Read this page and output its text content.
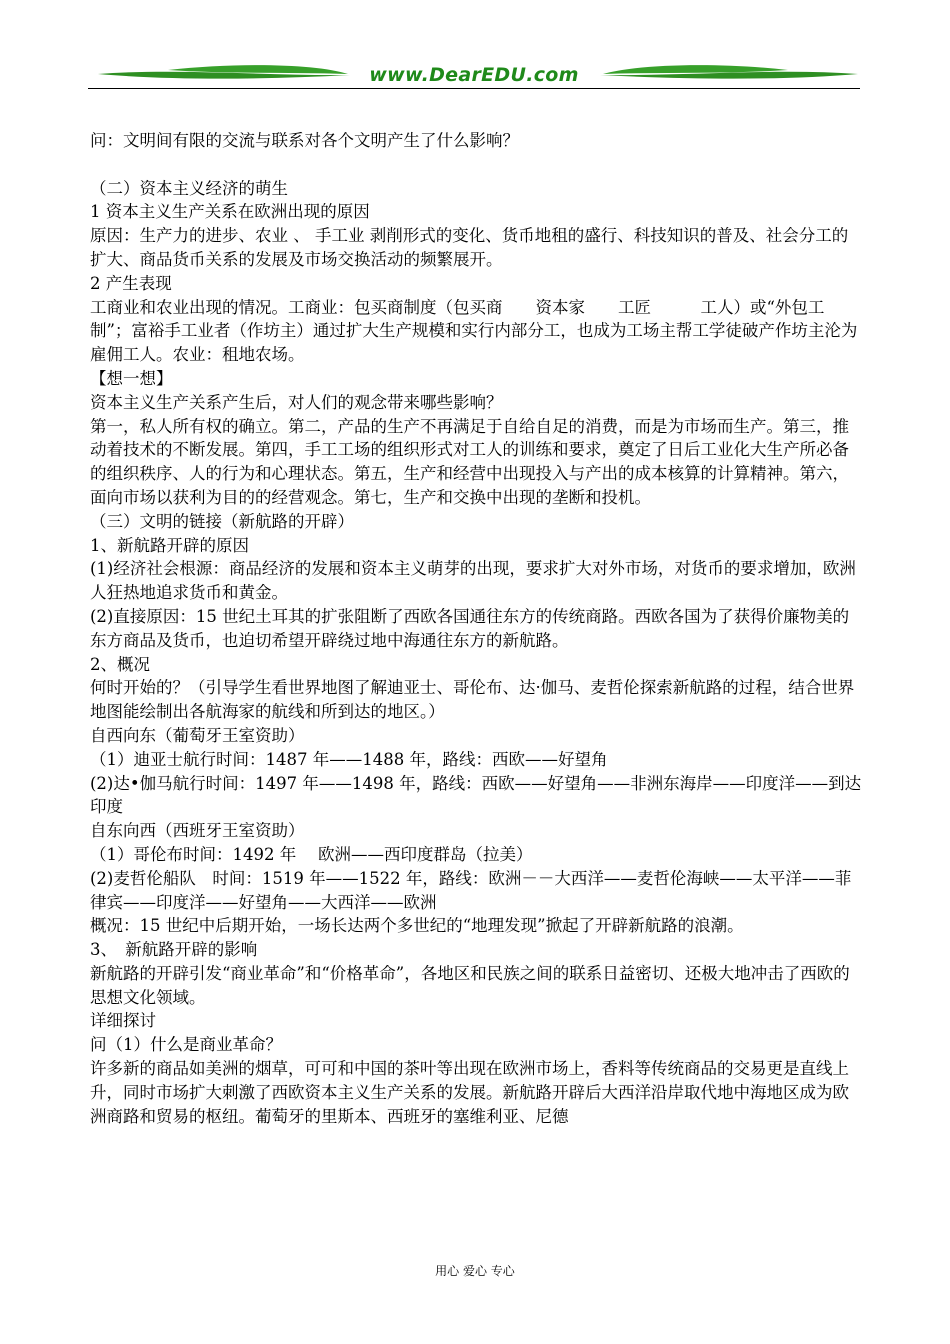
www.DearEDU.com

问：文明间有限的交流与联系对各个文明产生了什么影响？

（二）资本主义经济的萌生

1 资本主义生产关系在欧洲出现的原因

原因：生产力的进步、农业 、 手工业 剥削形式的变化、货币地租的盛行、科技知识的普及、社会分工的扩大、商品货币关系的发展及市场交换活动的频繁展开。

2 产生表现

工商业和农业出现的情况。工商业：包买商制度（包买商　　资本家　　工匠　　　工人）或“外包工制”；富裕手工业者（作坊主）通过扩大生产规模和实行内部分工，也成为工场主帮工学徒破产作坊主沦为雇佣工人。农业：租地农场。

【想一想】

资本主义生产关系产生后，对人们的观念带来哪些影响？

第一，私人所有权的确立。第二，产品的生产不再满足于自给自足的消费，而是为市场而生产。第三，推动着技术的不断发展。第四，手工工场的组织形式对工人的训练和要求，奠定了日后工业化大生产所必备的组织秩序、人的行为和心理状态。第五，生产和经营中出现投入与产出的成本核算的计算精神。第六，面向市场以获利为目的的经营观念。第七，生产和交换中出现的垄断和投机。

（三）文明的链接（新航路的开辟）

1、新航路开辟的原因

(1)经济社会根源：商品经济的发展和资本主义萌芽的出现，要求扩大对外市场，对货币的要求增加，欧洲人狂热地追求货币和黄金。

(2)直接原因：15 世纪土耳其的扩张阻断了西欧各国通往东方的传统商路。西欧各国为了获得价廉物美的东方商品及货币，也迫切希望开辟绕过地中海通往东方的新航路。

2、概况

何时开始的？（引导学生看世界地图了解迪亚士、哥伦布、达·伽马、麦哲伦探索新航路的过程，结合世界地图能绘制出各航海家的航线和所到达的地区。）

自西向东（葡萄牙王室资助）

（1）迪亚士航行时间：1487 年——1488 年，路线：西欧——好望角

(2)达•伽马航行时间：1497 年——1498 年，路线：西欧——好望角——非洲东海岸——印度洋——到达印度

自东向西（西班牙王室资助）

（1）哥伦布时间：1492 年　 欧洲——西印度群岛（拉美）

(2)麦哲伦船队　时间：1519 年——1522 年，路线：欧洲－－大西洋——麦哲伦海峡——太平洋——菲律宾——印度洋——好望角——大西洋——欧洲

概况：15 世纪中后期开始，一场长达两个多世纪的“地理发现”掀起了开辟新航路的浪潮。

3、　新航路开辟的影响

新航路的开辟引发“商业革命”和“价格革命”，各地区和民族之间的联系日益密切、还极大地冲击了西欧的思想文化领域。

详细探讨

问（1）什么是商业革命？

许多新的商品如美洲的烟草，可可和中国的茶叶等出现在欧洲市场上，香料等传统商品的交易更是直线上升，同时市场扩大刺激了西欧资本主义生产关系的发展。新航路开辟后大西洋沿岸取代地中海地区成为欧洲商路和贸易的枢纽。葡萄牙的里斯本、西班牙的塞维利亚、尼德

用心 爱心 专心
